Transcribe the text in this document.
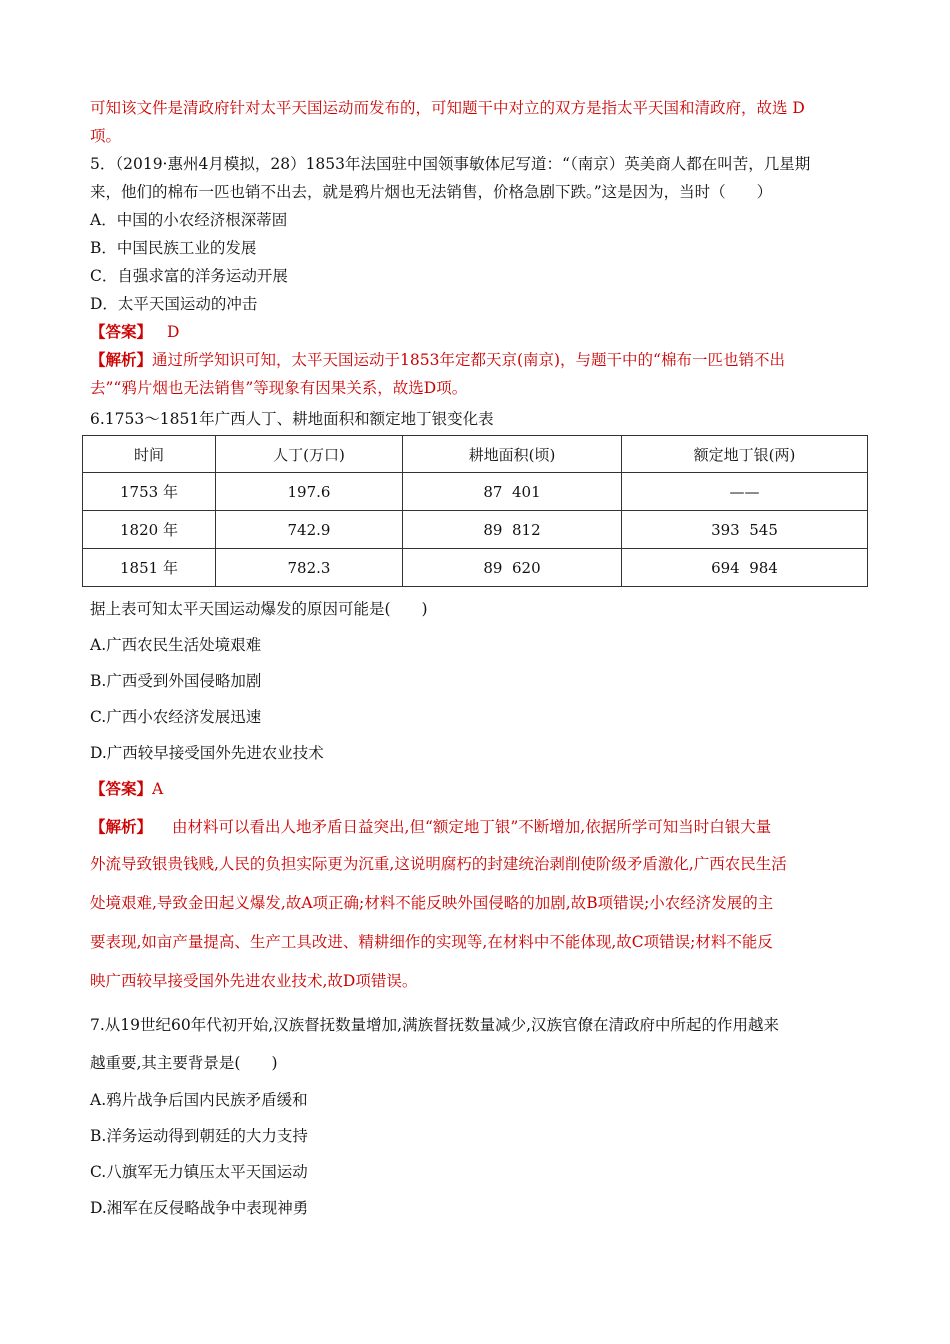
可知该文件是清政府针对太平天国运动而发布的，可知题干中对立的双方是指太平天国和清政府，故选 D
项。
5．（2019·惠州4月模拟，28）1853年法国驻中国领事敏体尼写道：“（南京）英美商人都在叫苦，几星期
来，他们的棉布一匹也销不出去，就是鸦片烟也无法销售，价格急剧下跌。”这是因为，当时（　　）
A．中国的小农经济根深蒂固
B．中国民族工业的发展
C．自强求富的洋务运动开展
D．太平天国运动的冲击
【答案】 D
【解析】通过所学知识可知，太平天国运动于1853年定都天京(南京)，与题干中的“棉布一匹也销不出
去”“鸦片烟也无法销售”等现象有因果关系，故选D项。
6.1753～1851年广西人丁、耕地面积和额定地丁银变化表
时间	人丁(万口)	耕地面积(顷)	额定地丁银(两)
1753 年	197.6	87  401	——
1820 年	742.9	89  812	393  545
1851 年	782.3	89  620	694  984
据上表可知太平天国运动爆发的原因可能是(　　)
A.广西农民生活处境艰难
B.广西受到外国侵略加剧
C.广西小农经济发展迅速
D.广西较早接受国外先进农业技术
【答案】A
【解析】 由材料可以看出人地矛盾日益突出,但“额定地丁银”不断增加,依据所学可知当时白银大量
外流导致银贵钱贱,人民的负担实际更为沉重,这说明腐朽的封建统治剥削使阶级矛盾激化,广西农民生活
处境艰难,导致金田起义爆发,故A项正确;材料不能反映外国侵略的加剧,故B项错误;小农经济发展的主
要表现,如亩产量提高、生产工具改进、精耕细作的实现等,在材料中不能体现,故C项错误;材料不能反
映广西较早接受国外先进农业技术,故D项错误。
7.从19世纪60年代初开始,汉族督抚数量增加,满族督抚数量减少,汉族官僚在清政府中所起的作用越来
越重要,其主要背景是(　　)
A.鸦片战争后国内民族矛盾缓和
B.洋务运动得到朝廷的大力支持
C.八旗军无力镇压太平天国运动
D.湘军在反侵略战争中表现神勇
